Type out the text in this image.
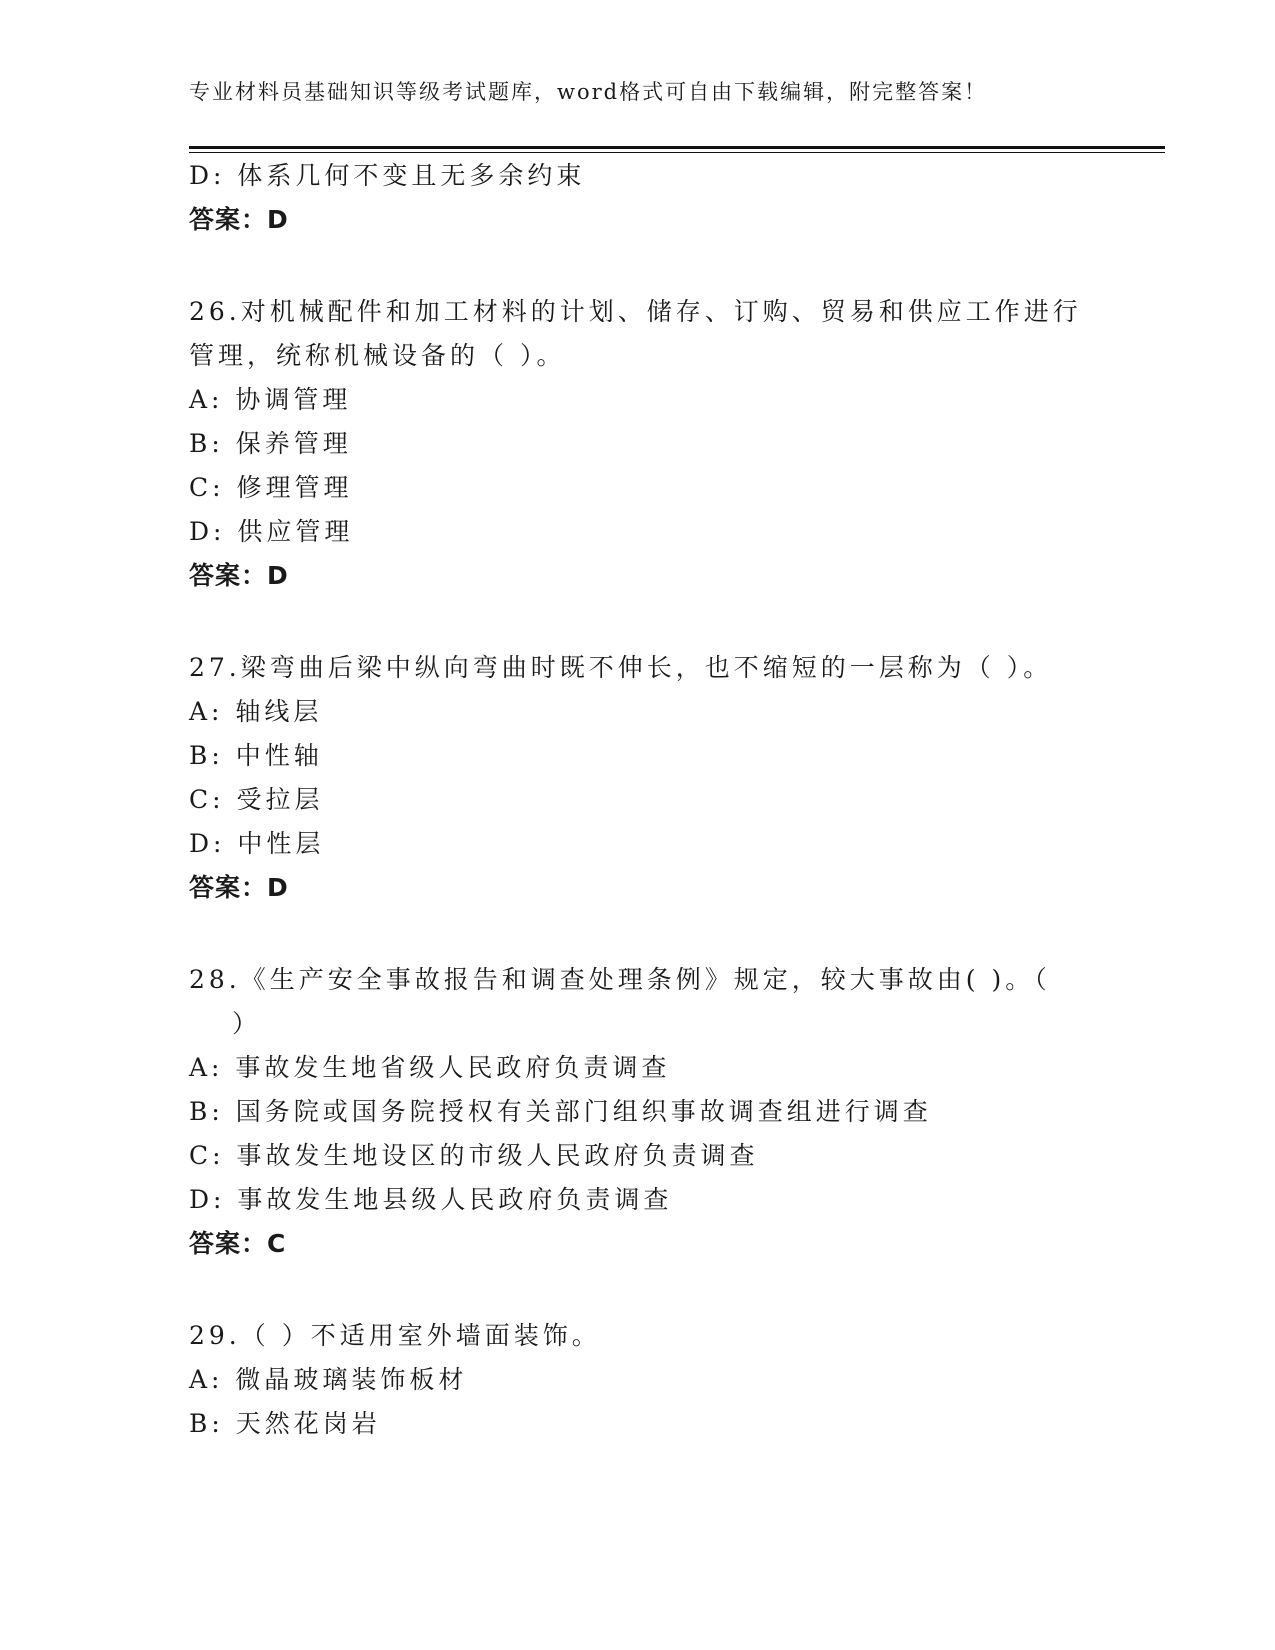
专业材料员基础知识等级考试题库，word格式可自由下载编辑，附完整答案！
D: 体系几何不变且无多余约束
答案：D
26.对机械配件和加工材料的计划、储存、订购、贸易和供应工作进行
管理，统称机械设备的（ ）。
A: 协调管理
B: 保养管理
C: 修理管理
D: 供应管理
答案：D
27.梁弯曲后梁中纵向弯曲时既不伸长，也不缩短的一层称为（ ）。
A: 轴线层
B: 中性轴
C: 受拉层
D: 中性层
答案：D
28.《生产安全事故报告和调查处理条例》规定，较大事故由( )。（
）
A: 事故发生地省级人民政府负责调查
B: 国务院或国务院授权有关部门组织事故调查组进行调查
C: 事故发生地设区的市级人民政府负责调查
D: 事故发生地县级人民政府负责调查
答案：C
29.（ ）不适用室外墙面装饰。
A: 微晶玻璃装饰板材
B: 天然花岗岩
